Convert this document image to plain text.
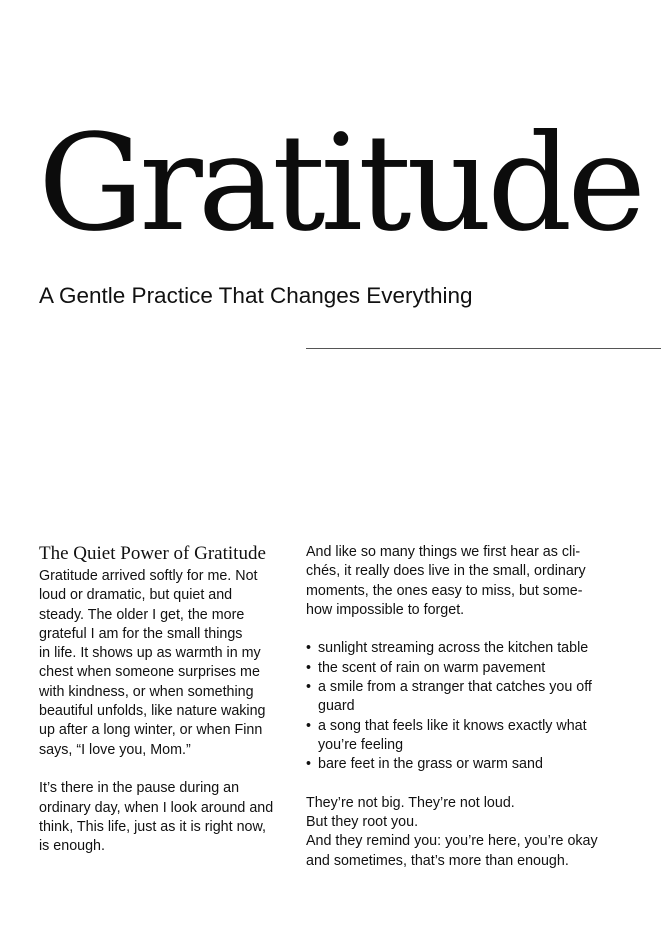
Gratitude

A Gentle Practice That Changes Everything

The Quiet Power of Gratitude
Gratitude arrived softly for me. Not
loud or dramatic, but quiet and
steady. The older I get, the more
grateful I am for the small things
in life. It shows up as warmth in my
chest when someone surprises me
with kindness, or when something
beautiful unfolds, like nature waking
up after a long winter, or when Finn
says, “I love you, Mom.”
It’s there in the pause during an
ordinary day, when I look around and
think, This life, just as it is right now,
is enough.
And like so many things we first hear as cli-
chés, it really does live in the small, ordinary
moments, the ones easy to miss, but some-
how impossible to forget.
• sunlight streaming across the kitchen table
• the scent of rain on warm pavement
• a smile from a stranger that catches you off
guard
• a song that feels like it knows exactly what
you’re feeling
• bare feet in the grass or warm sand
They’re not big. They’re not loud.
But they root you.
And they remind you: you’re here, you’re okay
and sometimes, that’s more than enough.
